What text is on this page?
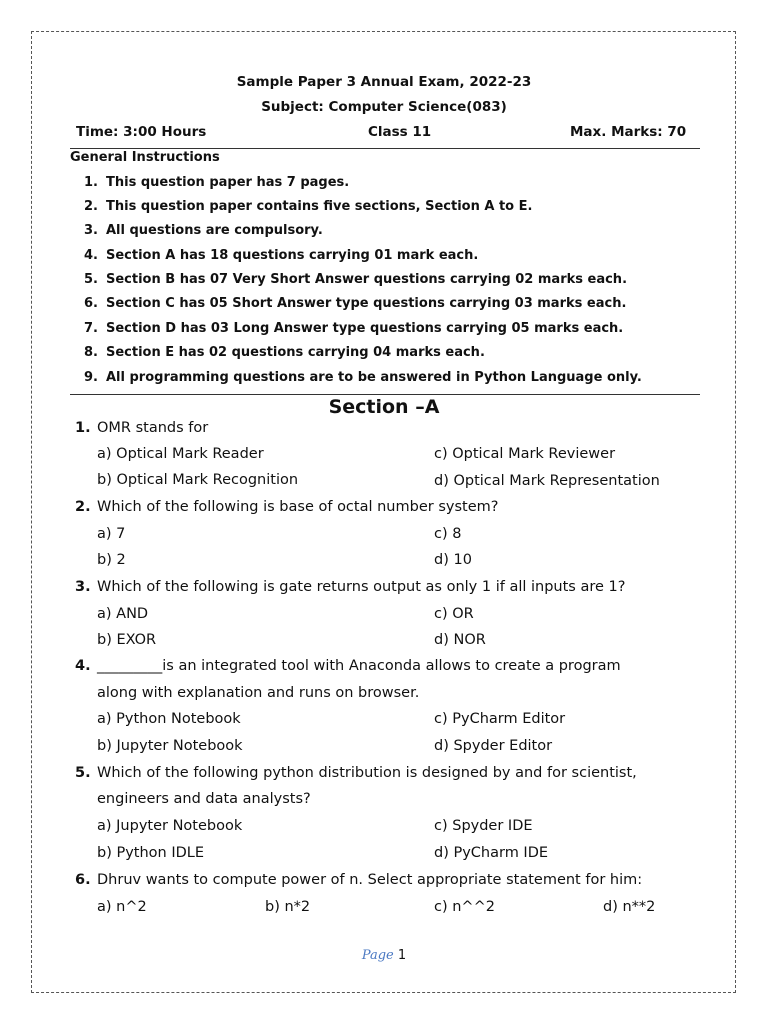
Sample Paper 3 Annual Exam, 2022-23
Subject: Computer Science(083)
Time: 3:00 Hours	Class 11	Max. Marks: 70
General Instructions
1. This question paper has 7 pages.
2. This question paper contains five sections, Section A to E.
3. All questions are compulsory.
4. Section A has 18 questions carrying 01 mark each.
5. Section B has 07 Very Short Answer questions carrying 02 marks each.
6. Section C has 05 Short Answer type questions carrying 03 marks each.
7. Section D has 03 Long Answer type questions carrying 05 marks each.
8. Section E has 02 questions carrying 04 marks each.
9. All programming questions are to be answered in Python Language only.
Section –A
1. OMR stands for
a) Optical Mark Reader	c) Optical Mark Reviewer
b) Optical Mark Recognition	d) Optical Mark Representation
2. Which of the following is base of octal number system?
a) 7	c) 8
b) 2	d) 10
3. Which of the following is gate returns output as only 1 if all inputs are 1?
a) AND	c) OR
b) EXOR	d) NOR
4. _________is an integrated tool with Anaconda allows to create a program
along with explanation and runs on browser.
a) Python Notebook	c) PyCharm Editor
b) Jupyter Notebook	d) Spyder Editor
5. Which of the following python distribution is designed by and for scientist,
engineers and data analysts?
a) Jupyter Notebook	c) Spyder IDE
b) Python IDLE	d) PyCharm IDE
6. Dhruv wants to compute power of n. Select appropriate statement for him:
a) n^2	b) n*2	c) n^^2	d) n**2
Page 1
